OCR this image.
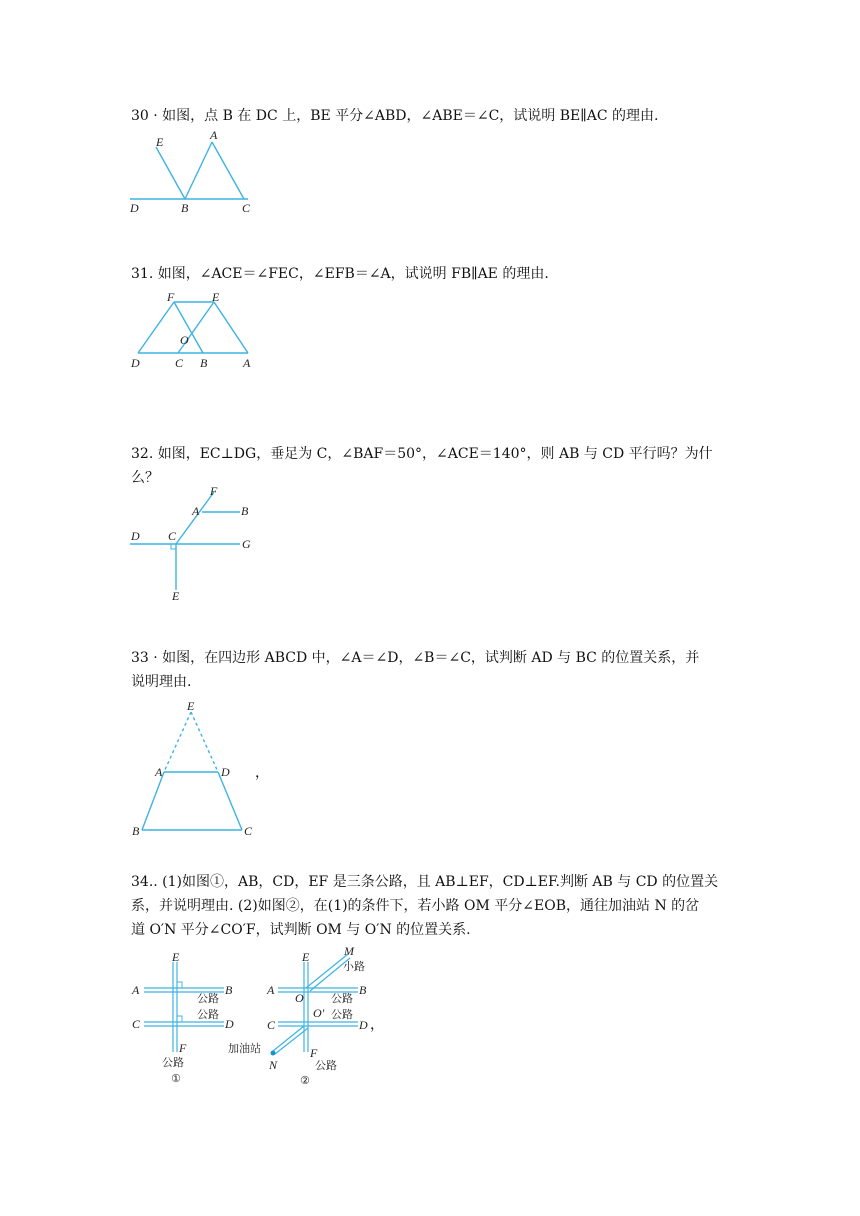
30 · 如图，点 B 在 DC 上，BE 平分∠ABD，∠ABE＝∠C，试说明 BE∥AC 的理由.
E	A
D	B	C
31. 如图，∠ACE＝∠FEC，∠EFB＝∠A，试说明 FB∥AE 的理由.
F	E
O
D	C B	A
32. 如图，EC⊥DG，垂足为 C，∠BAF＝50°，∠ACE＝140°，则 AB 与 CD 平行吗？为什
么？
F
A	B
D C
G
E
33 · 如图，在四边形 ABCD 中，∠A＝∠D，∠B＝∠C，试判断 AD 与 BC 的位置关系，并
说明理由.
E
A	D
B	C
，
34.. (1)如图①，AB，CD，EF 是三条公路，且 AB⊥EF，CD⊥EF.判断 AB 与 CD 的位置关
系，并说明理由. (2)如图②，在(1)的条件下，若小路 OM 平分∠EOB，通往加油站 N 的岔
道 O′N 平分∠CO′F，试判断 OM 与 O′N 的位置关系.
E
A	B
公路
公路
C	D
F
公路
①
E	M
小路
A
O
B
公路
O′ 公路
C	D
加油站	F
N	公路
②
，
